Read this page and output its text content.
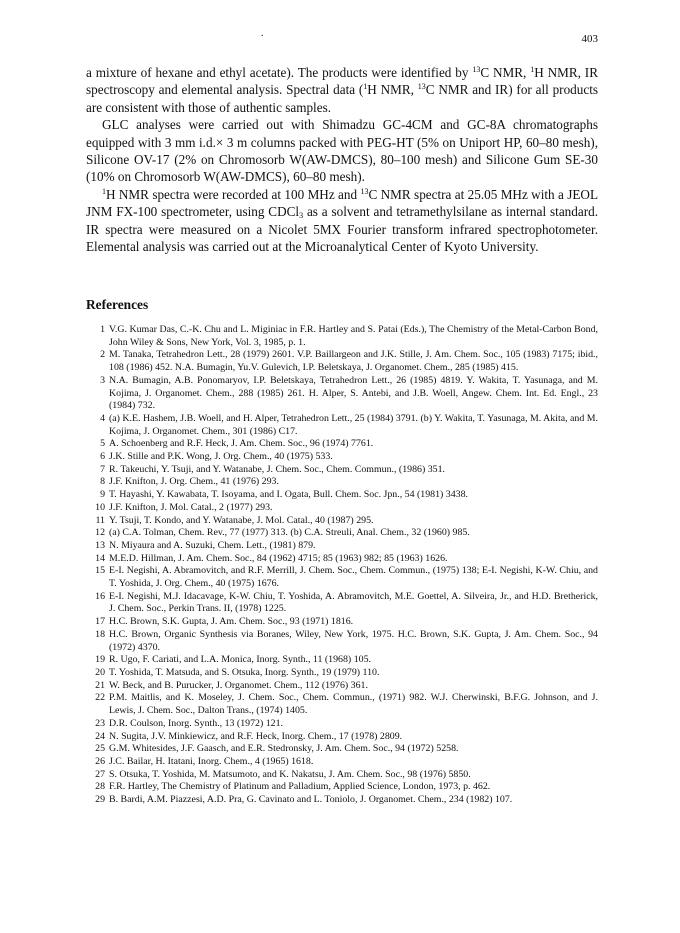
.	403

a mixture of hexane and ethyl acetate). The products were identified by $^{13}$C NMR, $^1$H NMR, IR spectroscopy and elemental analysis. Spectral data ($^1$H NMR, $^{13}$C NMR and IR) for all products are consistent with those of authentic samples.

GLC analyses were carried out with Shimadzu GC-4CM and GC-8A chromatographs equipped with 3 mm i.d.× 3 m columns packed with PEG-HT (5% on Uniport HP, 60–80 mesh), Silicone OV-17 (2% on Chromosorb W(AW-DMCS), 80–100 mesh) and Silicone Gum SE-30 (10% on Chromosorb W(AW-DMCS), 60–80 mesh).

$^1$H NMR spectra were recorded at 100 MHz and $^{13}$C NMR spectra at 25.05 MHz with a JEOL JNM FX-100 spectrometer, using CDCl$_3$ as a solvent and tetramethylsilane as internal standard. IR spectra were measured on a Nicolet 5MX Fourier transform infrared spectrophotometer. Elemental analysis was carried out at the Microanalytical Center of Kyoto University.

References
1 V.G. Kumar Das, C.-K. Chu and L. Miginiac in F.R. Hartley and S. Patai (Eds.), The Chemistry of the Metal-Carbon Bond, John Wiley & Sons, New York, Vol. 3, 1985, p. 1.
2 M. Tanaka, Tetrahedron Lett., 28 (1979) 2601. V.P. Baillargeon and J.K. Stille, J. Am. Chem. Soc., 105 (1983) 7175; ibid., 108 (1986) 452. N.A. Bumagin, Yu.V. Gulevich, I.P. Beletskaya, J. Organomet. Chem., 285 (1985) 415.
3 N.A. Bumagin, A.B. Ponomaryov, I.P. Beletskaya, Tetrahedron Lett., 26 (1985) 4819. Y. Wakita, T. Yasunaga, and M. Kojima, J. Organomet. Chem., 288 (1985) 261. H. Alper, S. Antebi, and J.B. Woell, Angew. Chem. Int. Ed. Engl., 23 (1984) 732.
4 (a) K.E. Hashem, J.B. Woell, and H. Alper, Tetrahedron Lett., 25 (1984) 3791. (b) Y. Wakita, T. Yasunaga, M. Akita, and M. Kojima, J. Organomet. Chem., 301 (1986) C17.
5 A. Schoenberg and R.F. Heck, J. Am. Chem. Soc., 96 (1974) 7761.
6 J.K. Stille and P.K. Wong, J. Org. Chem., 40 (1975) 533.
7 R. Takeuchi, Y. Tsuji, and Y. Watanabe, J. Chem. Soc., Chem. Commun., (1986) 351.
8 J.F. Knifton, J. Org. Chem., 41 (1976) 293.
9 T. Hayashi, Y. Kawabata, T. Isoyama, and I. Ogata, Bull. Chem. Soc. Jpn., 54 (1981) 3438.
10 J.F. Knifton, J. Mol. Catal., 2 (1977) 293.
11 Y. Tsuji, T. Kondo, and Y. Watanabe, J. Mol. Catal., 40 (1987) 295.
12 (a) C.A. Tolman, Chem. Rev., 77 (1977) 313. (b) C.A. Streuli, Anal. Chem., 32 (1960) 985.
13 N. Miyaura and A. Suzuki, Chem. Lett., (1981) 879.
14 M.E.D. Hillman, J. Am. Chem. Soc., 84 (1962) 4715; 85 (1963) 982; 85 (1963) 1626.
15 E-I. Negishi, A. Abramovitch, and R.F. Merrill, J. Chem. Soc., Chem. Commun., (1975) 138; E-I. Negishi, K-W. Chiu, and T. Yoshida, J. Org. Chem., 40 (1975) 1676.
16 E-I. Negishi, M.J. Idacavage, K-W. Chiu, T. Yoshida, A. Abramovitch, M.E. Goettel, A. Silveira, Jr., and H.D. Bretherick, J. Chem. Soc., Perkin Trans. II, (1978) 1225.
17 H.C. Brown, S.K. Gupta, J. Am. Chem. Soc., 93 (1971) 1816.
18 H.C. Brown, Organic Synthesis via Boranes, Wiley, New York, 1975. H.C. Brown, S.K. Gupta, J. Am. Chem. Soc., 94 (1972) 4370.
19 R. Ugo, F. Cariati, and L.A. Monica, Inorg. Synth., 11 (1968) 105.
20 T. Yoshida, T. Matsuda, and S. Otsuka, Inorg. Synth., 19 (1979) 110.
21 W. Beck, and B. Purucker, J. Organomet. Chem., 112 (1976) 361.
22 P.M. Maitlis, and K. Moseley, J. Chem. Soc., Chem. Commun., (1971) 982. W.J. Cherwinski, B.F.G. Johnson, and J. Lewis, J. Chem. Soc., Dalton Trans., (1974) 1405.
23 D.R. Coulson, Inorg. Synth., 13 (1972) 121.
24 N. Sugita, J.V. Minkiewicz, and R.F. Heck, Inorg. Chem., 17 (1978) 2809.
25 G.M. Whitesides, J.F. Gaasch, and E.R. Stedronsky, J. Am. Chem. Soc., 94 (1972) 5258.
26 J.C. Bailar, H. Itatani, Inorg. Chem., 4 (1965) 1618.
27 S. Otsuka, T. Yoshida, M. Matsumoto, and K. Nakatsu, J. Am. Chem. Soc., 98 (1976) 5850.
28 F.R. Hartley, The Chemistry of Platinum and Palladium, Applied Science, London, 1973, p. 462.
29 B. Bardi, A.M. Piazzesi, A.D. Pra, G. Cavinato and L. Toniolo, J. Organomet. Chem., 234 (1982) 107.
